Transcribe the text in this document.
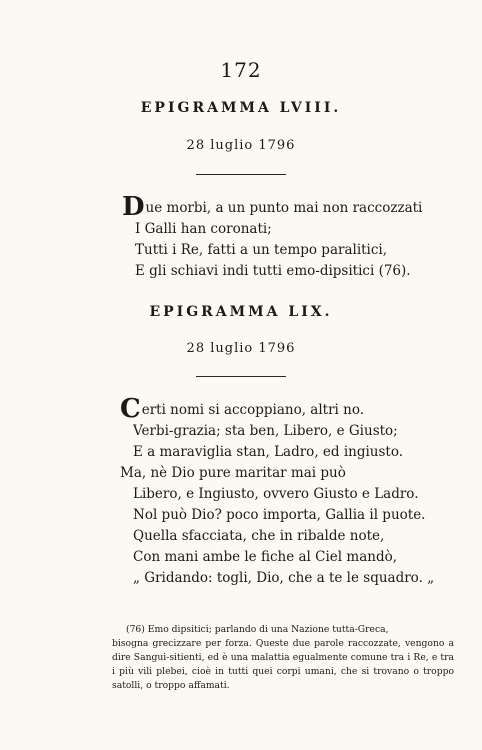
172
EPIGRAMMA LVIII.
28 luglio 1796
Due morbi, a un punto mai non raccozzati
I Galli han coronati;
Tutti i Re, fatti a un tempo paralitici,
E gli schiavi indi tutti emo-dipsitici (76).
EPIGRAMMA LIX.
28 luglio 1796
Certi nomi si accoppiano, altri no.
Verbi-grazia; sta ben, Libero, e Giusto;
E a maraviglia stan, Ladro, ed ingiusto.
Ma, nè Dio pure maritar mai può
Libero, e Ingiusto, ovvero Giusto e Ladro.
Nol può Dio? poco importa, Gallia il puote.
Quella sfacciata, che in ribalde note,
Con mani ambe le fiche al Ciel mandò,
„ Gridando: togli, Dio, che a te le squadro. „
(76) Emo dipsitici; parlando di una Nazione tutta-Greca,
bisogna grecizzare per forza. Queste due parole raccozzate, vengono a dire Sangui-sitienti, ed è una malattia egualmente comune tra i Re, e tra i più vili plebei, cioè in tutti quei corpi umani, che si trovano o troppo satolli, o troppo affamati.
